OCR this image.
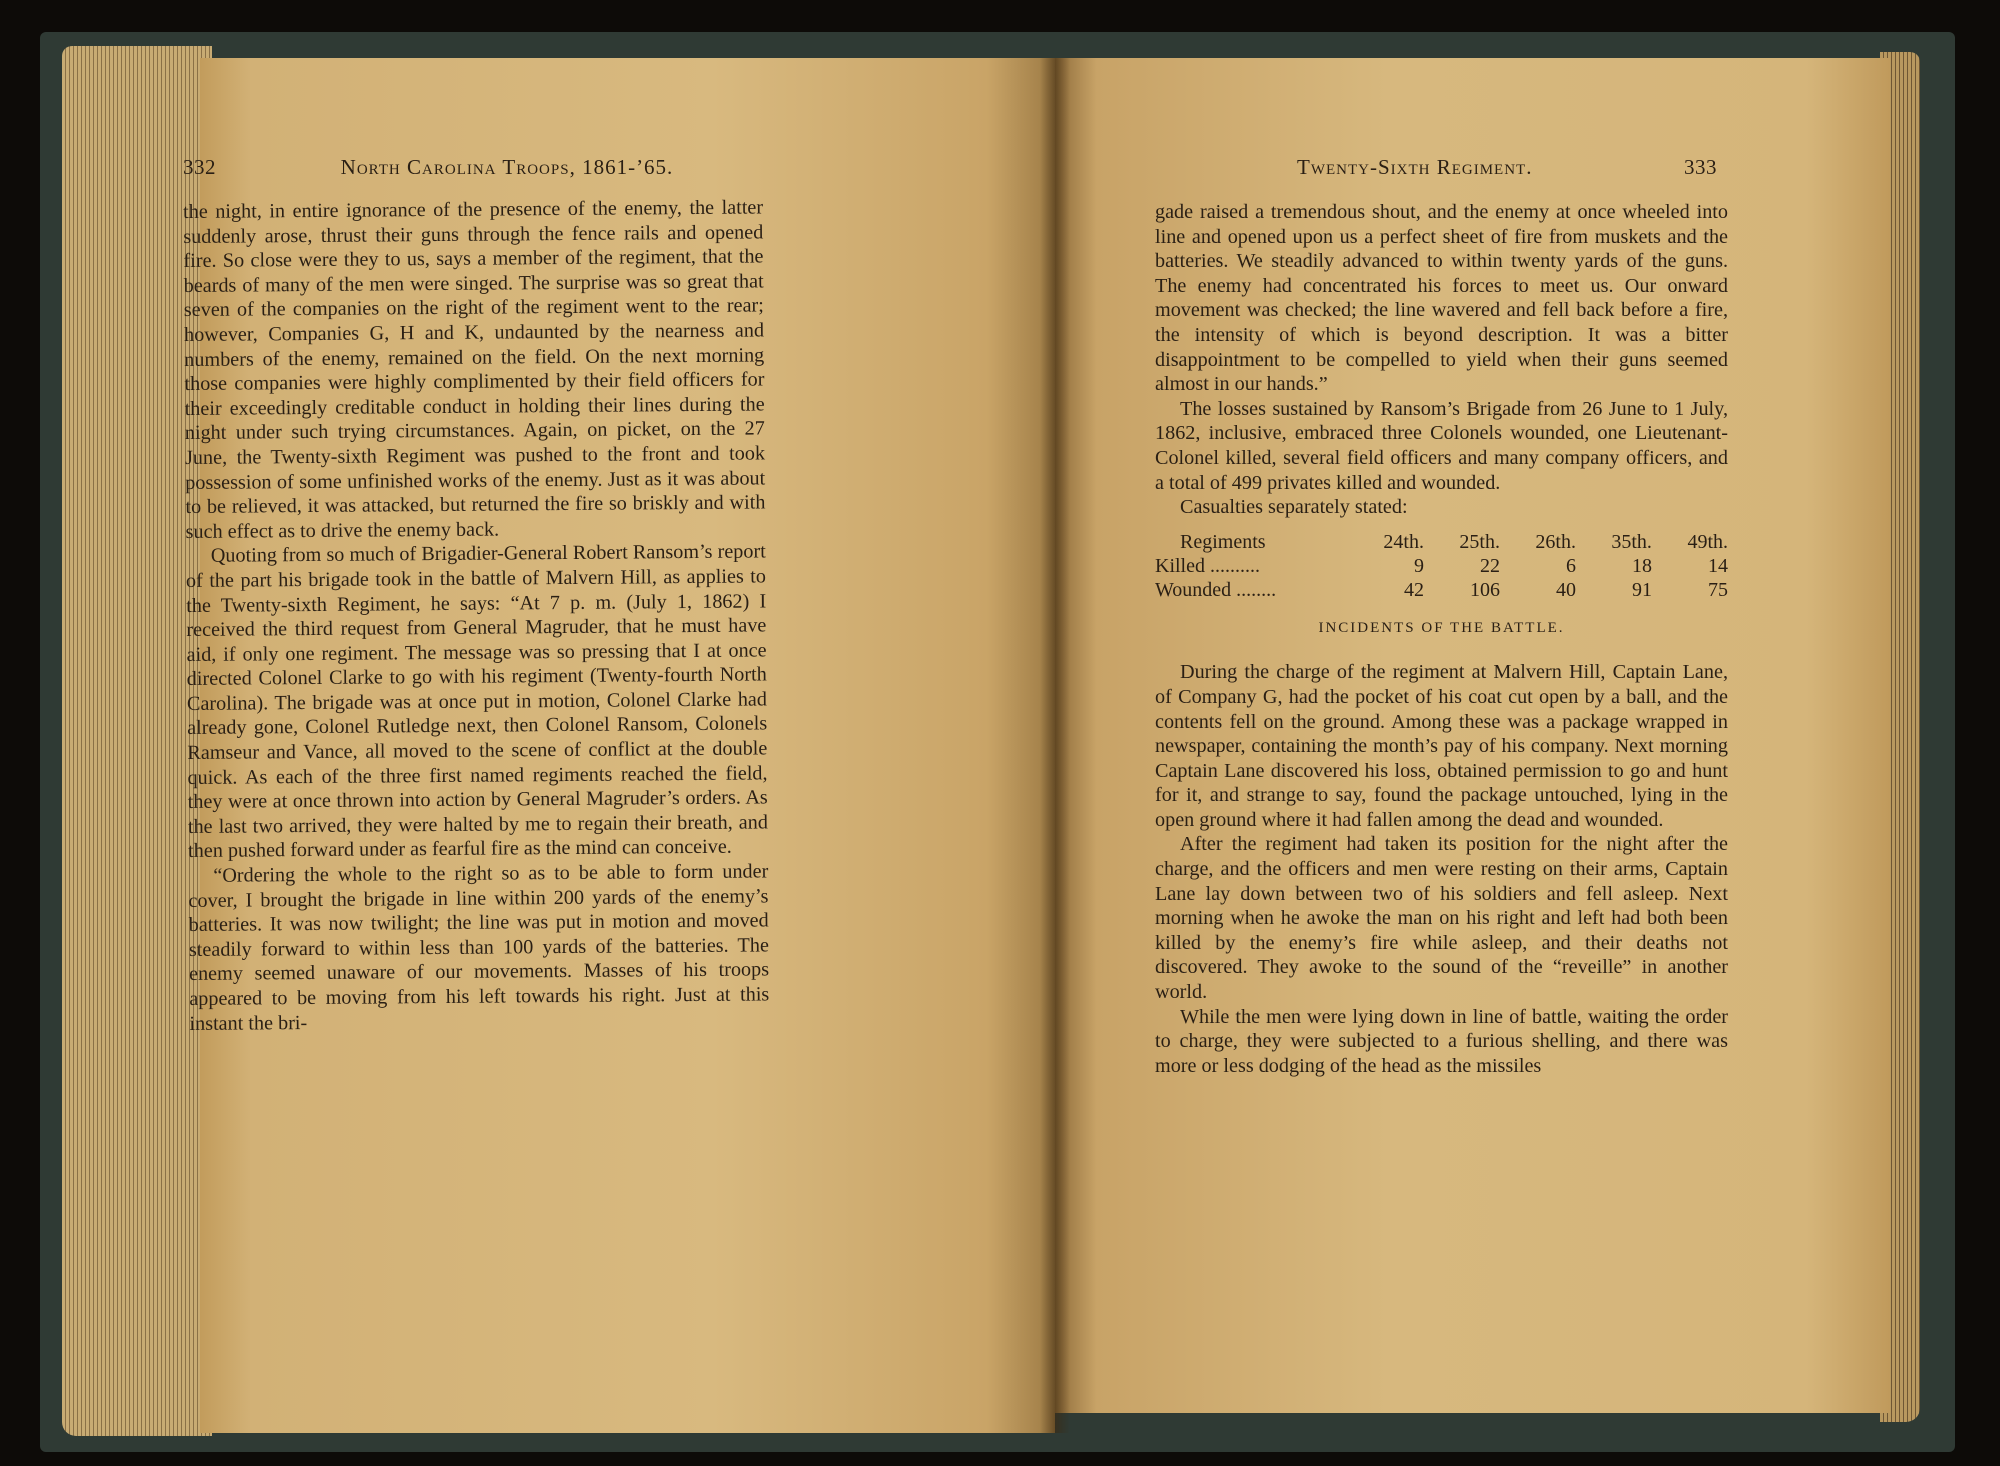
332	North Carolina Troops, 1861-’65.

the night, in entire ignorance of the presence of the enemy, the latter suddenly arose, thrust their guns through the fence rails and opened fire. So close were they to us, says a member of the regiment, that the beards of many of the men were singed. The surprise was so great that seven of the companies on the right of the regiment went to the rear; however, Companies G, H and K, undaunted by the nearness and numbers of the enemy, remained on the field. On the next morning those companies were highly complimented by their field officers for their exceedingly creditable conduct in holding their lines during the night under such trying circumstances. Again, on picket, on the 27 June, the Twenty-sixth Regiment was pushed to the front and took possession of some unfinished works of the enemy. Just as it was about to be relieved, it was attacked, but returned the fire so briskly and with such effect as to drive the enemy back.

Quoting from so much of Brigadier-General Robert Ransom’s report of the part his brigade took in the battle of Malvern Hill, as applies to the Twenty-sixth Regiment, he says: “At 7 p. m. (July 1, 1862) I received the third request from General Magruder, that he must have aid, if only one regiment. The message was so pressing that I at once directed Colonel Clarke to go with his regiment (Twenty-fourth North Carolina). The brigade was at once put in motion, Colonel Clarke had already gone, Colonel Rutledge next, then Colonel Ransom, Colonels Ramseur and Vance, all moved to the scene of conflict at the double quick. As each of the three first named regiments reached the field, they were at once thrown into action by General Magruder’s orders. As the last two arrived, they were halted by me to regain their breath, and then pushed forward under as fearful fire as the mind can conceive.

“Ordering the whole to the right so as to be able to form under cover, I brought the brigade in line within 200 yards of the enemy’s batteries. It was now twilight; the line was put in motion and moved steadily forward to within less than 100 yards of the batteries. The enemy seemed unaware of our movements. Masses of his troops appeared to be moving from his left towards his right. Just at this instant the bri-

Twenty-Sixth Regiment.	333

gade raised a tremendous shout, and the enemy at once wheeled into line and opened upon us a perfect sheet of fire from muskets and the batteries. We steadily advanced to within twenty yards of the guns. The enemy had concentrated his forces to meet us. Our onward movement was checked; the line wavered and fell back before a fire, the intensity of which is beyond description. It was a bitter disappointment to be compelled to yield when their guns seemed almost in our hands.”

The losses sustained by Ransom’s Brigade from 26 June to 1 July, 1862, inclusive, embraced three Colonels wounded, one Lieutenant-Colonel killed, several field officers and many company officers, and a total of 499 privates killed and wounded.

Casualties separately stated:

Regiments	24th.	25th.	26th.	35th.	49th.
Killed ..........	9	22	6	18	14
Wounded ........	42	106	40	91	75
INCIDENTS OF THE BATTLE.

During the charge of the regiment at Malvern Hill, Captain Lane, of Company G, had the pocket of his coat cut open by a ball, and the contents fell on the ground. Among these was a package wrapped in newspaper, containing the month’s pay of his company. Next morning Captain Lane discovered his loss, obtained permission to go and hunt for it, and strange to say, found the package untouched, lying in the open ground where it had fallen among the dead and wounded.

After the regiment had taken its position for the night after the charge, and the officers and men were resting on their arms, Captain Lane lay down between two of his soldiers and fell asleep. Next morning when he awoke the man on his right and left had both been killed by the enemy’s fire while asleep, and their deaths not discovered. They awoke to the sound of the “reveille” in another world.

While the men were lying down in line of battle, waiting the order to charge, they were subjected to a furious shelling, and there was more or less dodging of the head as the missiles
